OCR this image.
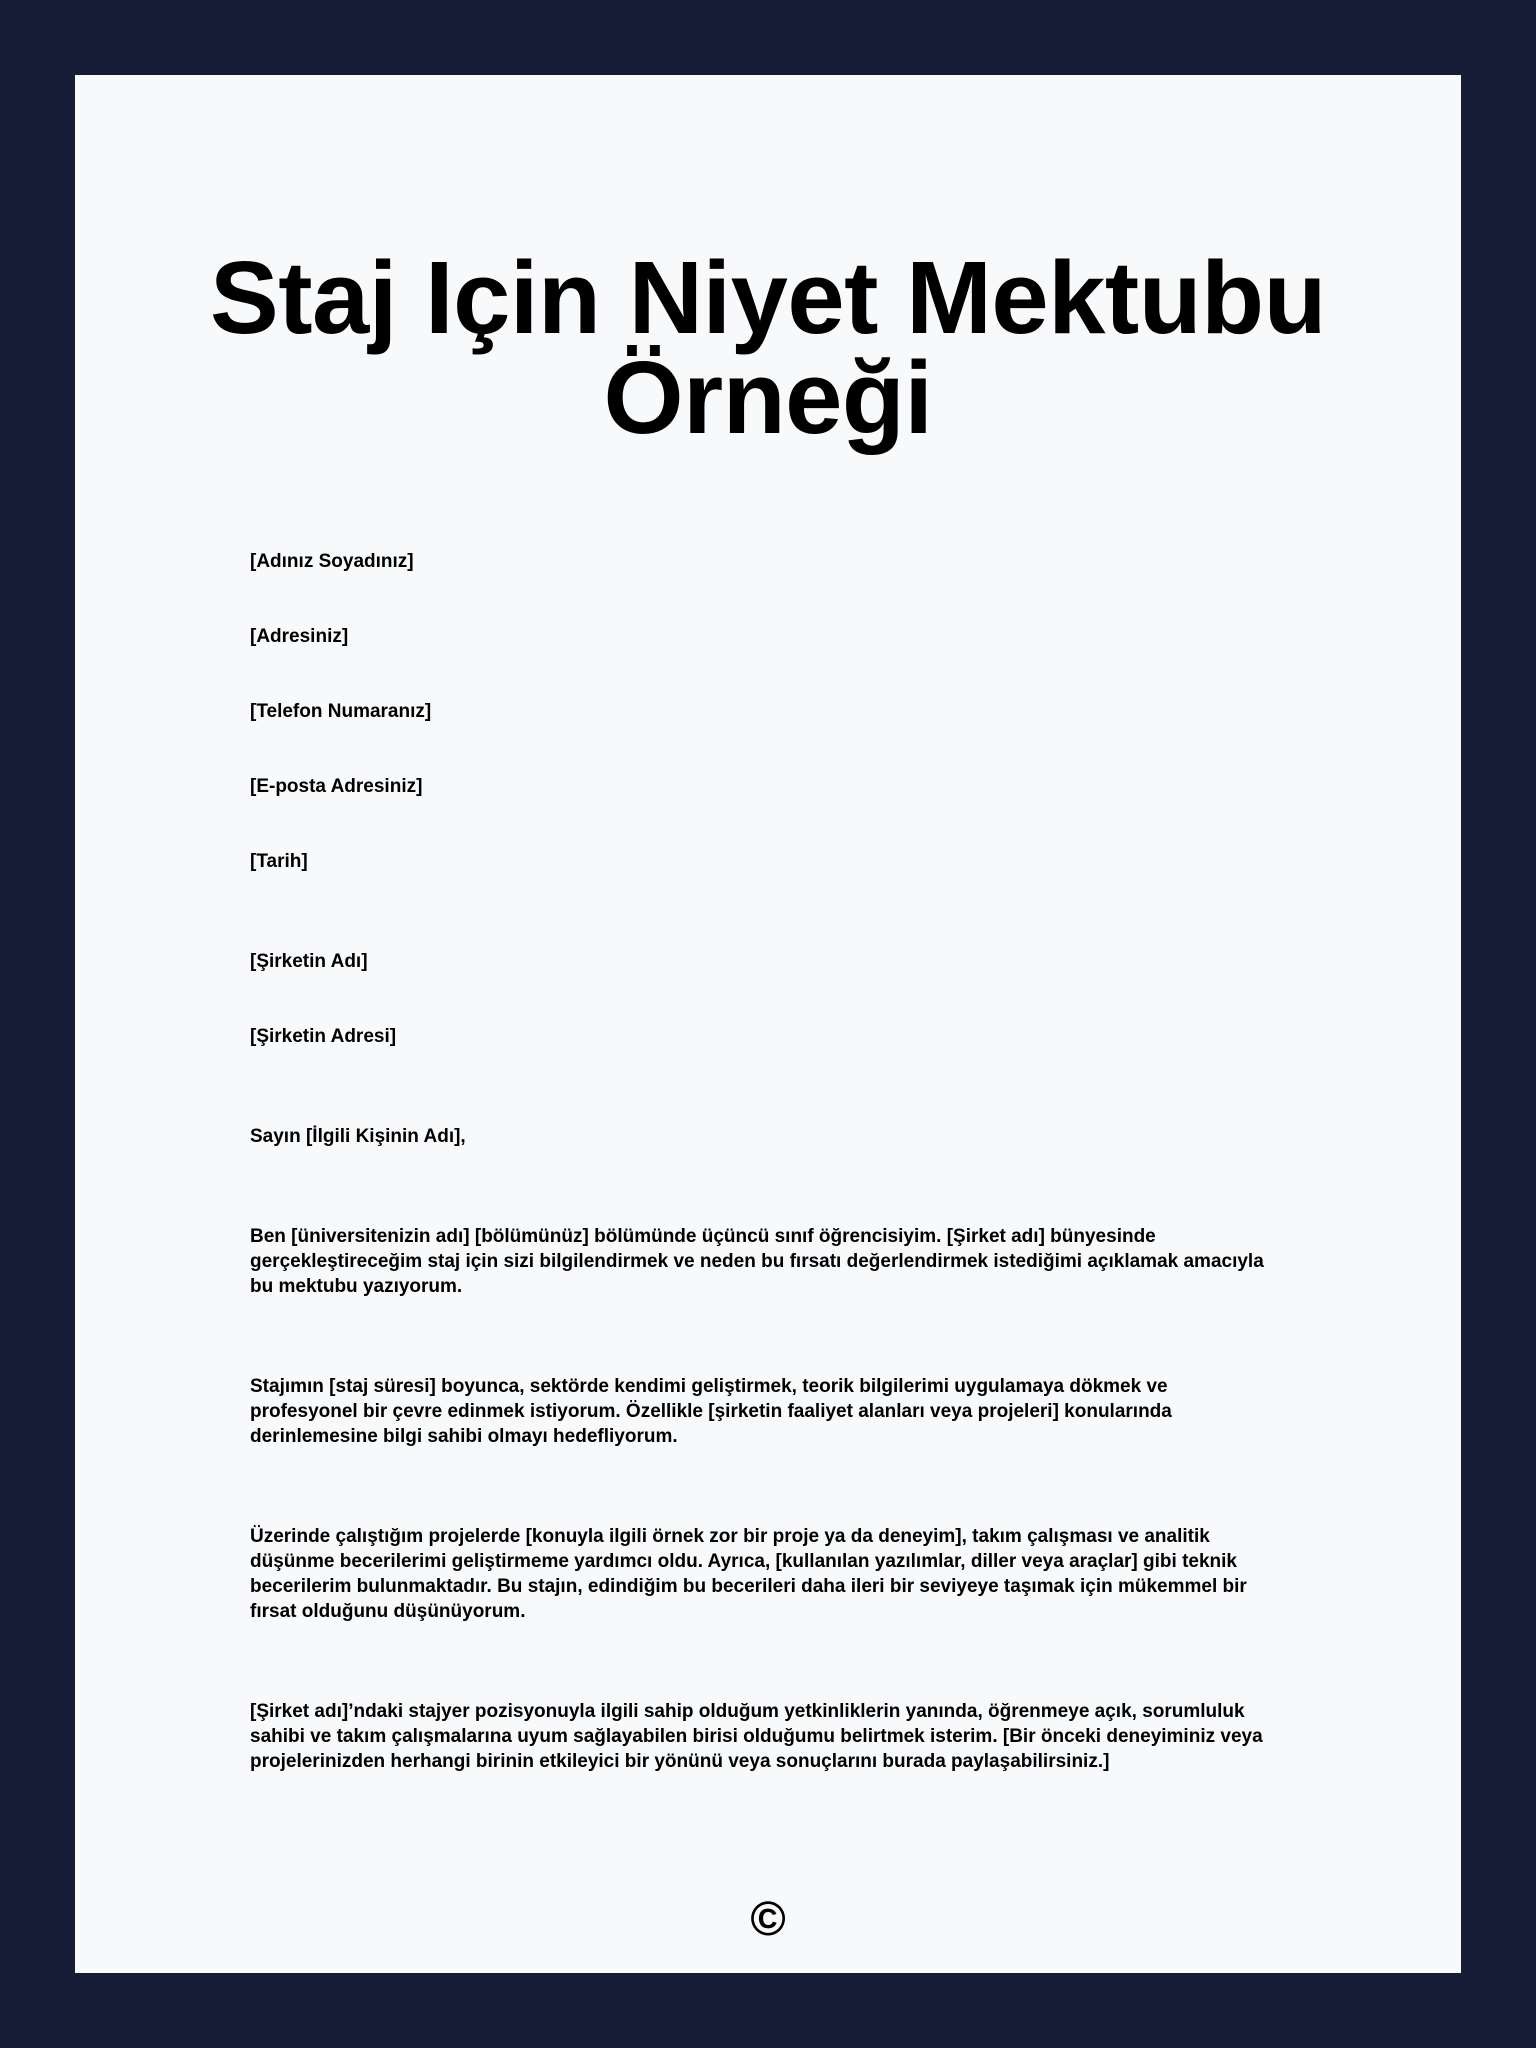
Staj Için Niyet Mektubu Örneği

[Adınız Soyadınız]

[Adresiniz]

[Telefon Numaranız]

[E-posta Adresiniz]

[Tarih]

[Şirketin Adı]

[Şirketin Adresi]

Sayın [İlgili Kişinin Adı],

Ben [üniversitenizin adı] [bölümünüz] bölümünde üçüncü sınıf öğrencisiyim. [Şirket adı] bünyesinde gerçekleştireceğim staj için sizi bilgilendirmek ve neden bu fırsatı değerlendirmek istediğimi açıklamak amacıyla bu mektubu yazıyorum.

Stajımın [staj süresi] boyunca, sektörde kendimi geliştirmek, teorik bilgilerimi uygulamaya dökmek ve profesyonel bir çevre edinmek istiyorum. Özellikle [şirketin faaliyet alanları veya projeleri] konularında derinlemesine bilgi sahibi olmayı hedefliyorum.

Üzerinde çalıştığım projelerde [konuyla ilgili örnek zor bir proje ya da deneyim], takım çalışması ve analitik düşünme becerilerimi geliştirmeme yardımcı oldu. Ayrıca, [kullanılan yazılımlar, diller veya araçlar] gibi teknik becerilerim bulunmaktadır. Bu stajın, edindiğim bu becerileri daha ileri bir seviyeye taşımak için mükemmel bir fırsat olduğunu düşünüyorum.

[Şirket adı]’ndaki stajyer pozisyonuyla ilgili sahip olduğum yetkinliklerin yanında, öğrenmeye açık, sorumluluk sahibi ve takım çalışmalarına uyum sağlayabilen birisi olduğumu belirtmek isterim. [Bir önceki deneyiminiz veya projelerinizden herhangi birinin etkileyici bir yönünü veya sonuçlarını burada paylaşabilirsiniz.]

©
